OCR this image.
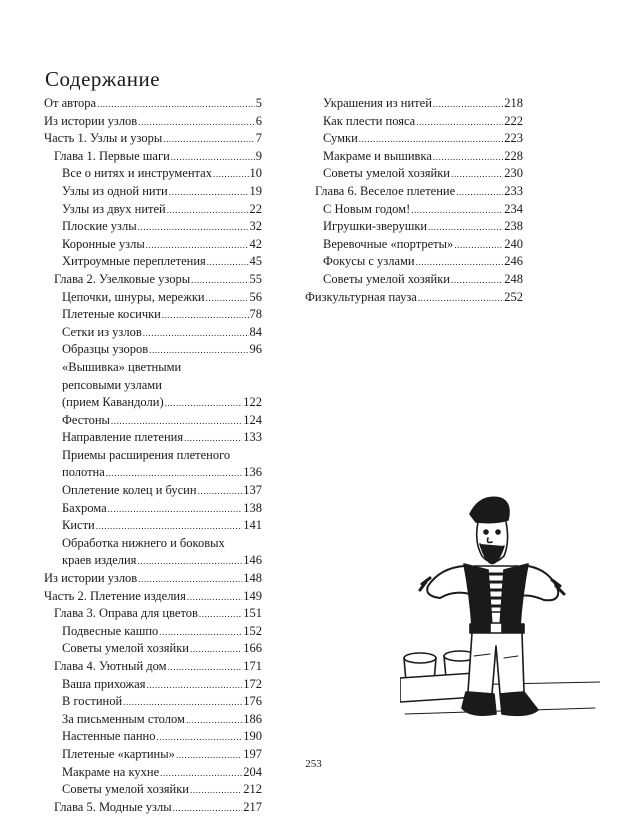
Содержание
От автора .....	5
Из истории узлов .....	6
Часть 1. Узлы и узоры .....	7
Глава 1. Первые шаги .....	9
Все о нитях и инструментах .....	10
Узлы из одной нити .....	19
Узлы из двух нитей .....	22
Плоские узлы .....	32
Коронные узлы .....	42
Хитроумные переплетения .....	45
Глава 2. Узелковые узоры .....	55
Цепочки, шнуры, мережки .....	56
Плетеные косички .....	78
Сетки из узлов .....	84
Образцы узоров .....	96
«Вышивка» цветными
репсовыми узлами
(прием Кавандоли) .....	122
Фестоны .....	124
Направление плетения .....	133
Приемы расширения плетеного
полотна .....	136
Оплетение колец и бусин .....	137
Бахрома .....	138
Кисти .....	141
Обработка нижнего и боковых
краев изделия .....	146
Из истории узлов .....	148
Часть 2. Плетение изделия .....	149
Глава 3. Оправа для цветов .....	151
Подвесные кашпо .....	152
Советы умелой хозяйки .....	166
Глава 4. Уютный дом .....	171
Ваша прихожая .....	172
В гостиной .....	176
За письменным столом .....	186
Настенные панно .....	190
Плетеные «картины» .....	197
Макраме на кухне .....	204
Советы умелой хозяйки .....	212
Глава 5. Модные узлы .....	217
Украшения из нитей .....	218
Как плести пояса .....	222
Сумки .....	223
Макраме и вышивка .....	228
Советы умелой хозяйки .....	230
Глава 6. Веселое плетение .....	233
С Новым годом! .....	234
Игрушки-зверушки .....	238
Веревочные «портреты» .....	240
Фокусы с узлами .....	246
Советы умелой хозяйки .....	248
Физкультурная пауза .....	252
253
